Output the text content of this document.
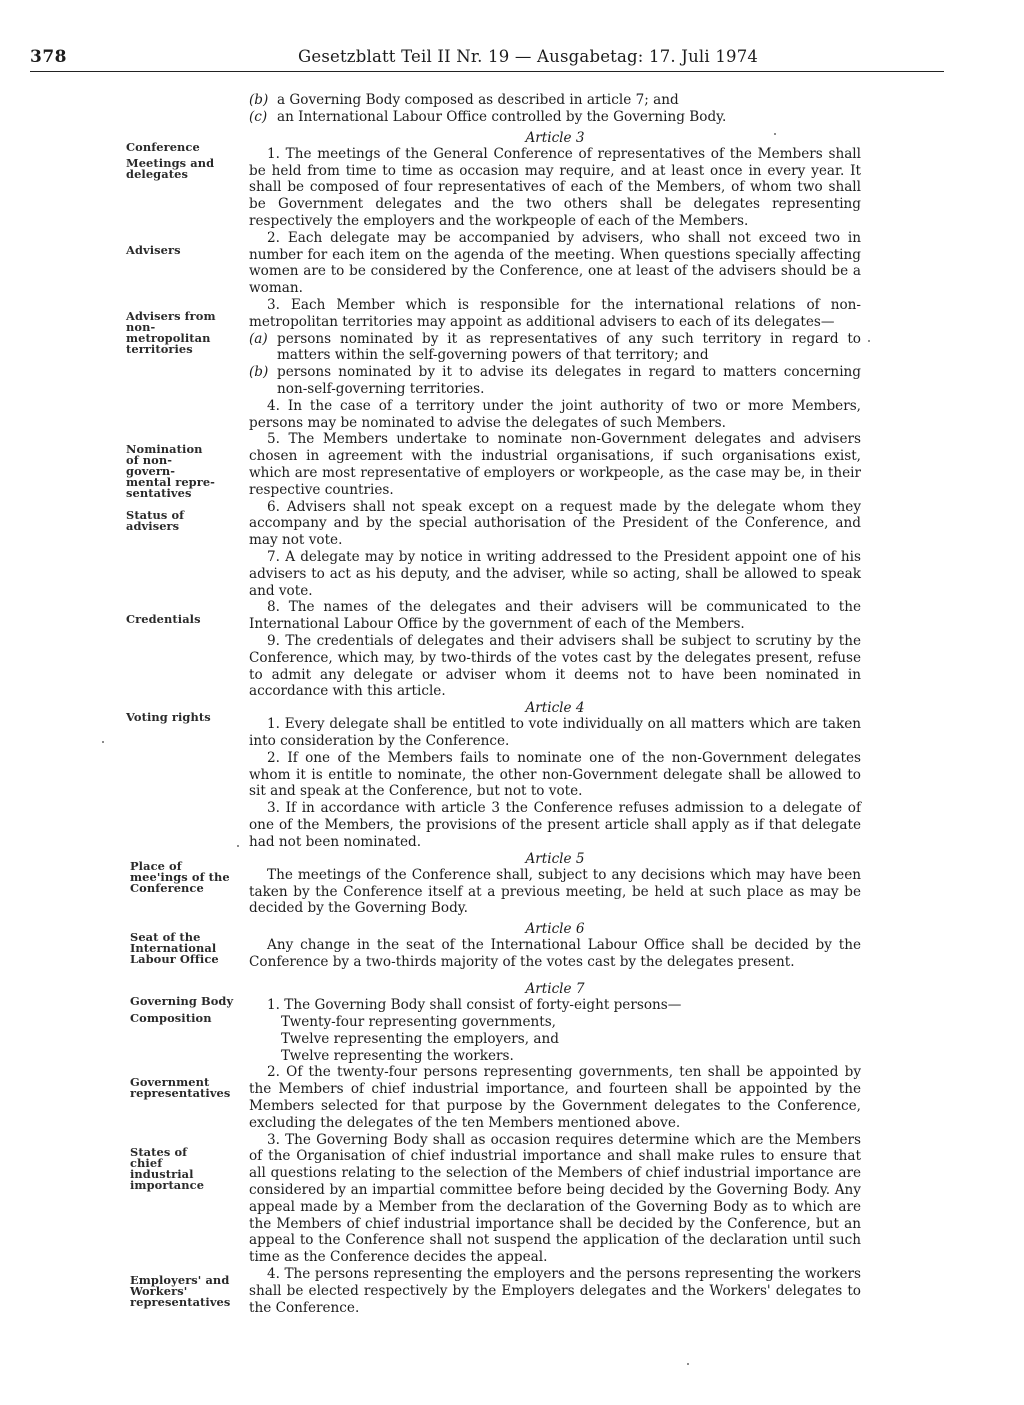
378	Gesetzblatt Teil II Nr. 19 — Ausgabetag: 17. Juli 1974
Conference
Meetings and delegates
Advisers
Advisers from non-metropolitan territories
Nomination of non-govern-mental repre-sentatives
Status of advisers
Credentials
Voting rights
Place of mee'ings of the Conference
Seat of the International Labour Office
Governing Body
Composition
Government representatives
States of chief industrial importance
Employers' and Workers' representatives
(b) a Governing Body composed as described in article 7; and
(c) an International Labour Office controlled by the Governing Body.

Article 3

1. The meetings of the General Conference of representatives of the Members shall be held from time to time as occasion may require, and at least once in every year. It shall be composed of four representatives of each of the Members, of whom two shall be Government delegates and the two others shall be delegates representing respectively the employers and the workpeople of each of the Members.

2. Each delegate may be accompanied by advisers, who shall not exceed two in number for each item on the agenda of the meeting. When questions specially affecting women are to be considered by the Conference, one at least of the advisers should be a woman.

3. Each Member which is responsible for the international relations of non-metropolitan territories may appoint as additional advisers to each of its delegates—

(a) persons nominated by it as representatives of any such territory in regard to matters within the self-governing powers of that territory; and
(b) persons nominated by it to advise its delegates in regard to matters concerning non-self-governing territories.

4. In the case of a territory under the joint authority of two or more Members, persons may be nominated to advise the delegates of such Members.

5. The Members undertake to nominate non-Government delegates and advisers chosen in agreement with the industrial organisations, if such organisations exist, which are most representative of employers or workpeople, as the case may be, in their respective countries.

6. Advisers shall not speak except on a request made by the delegate whom they accompany and by the special authorisation of the President of the Conference, and may not vote.

7. A delegate may by notice in writing addressed to the President appoint one of his advisers to act as his deputy, and the adviser, while so acting, shall be allowed to speak and vote.

8. The names of the delegates and their advisers will be communicated to the International Labour Office by the government of each of the Members.

9. The credentials of delegates and their advisers shall be subject to scrutiny by the Conference, which may, by two-thirds of the votes cast by the delegates present, refuse to admit any delegate or adviser whom it deems not to have been nominated in accordance with this article.

Article 4

1. Every delegate shall be entitled to vote individually on all matters which are taken into consideration by the Conference.

2. If one of the Members fails to nominate one of the non-Government delegates whom it is entitle to nominate, the other non-Government delegate shall be allowed to sit and speak at the Conference, but not to vote.

3. If in accordance with article 3 the Conference refuses admission to a delegate of one of the Members, the provisions of the present article shall apply as if that delegate had not been nominated.

Article 5

The meetings of the Conference shall, subject to any decisions which may have been taken by the Conference itself at a previous meeting, be held at such place as may be decided by the Governing Body.

Article 6

Any change in the seat of the International Labour Office shall be decided by the Conference by a two-thirds majority of the votes cast by the delegates present.

Article 7

1. The Governing Body shall consist of forty-eight persons—

Twenty-four representing governments,

Twelve representing the employers, and

Twelve representing the workers.

2. Of the twenty-four persons representing governments, ten shall be appointed by the Members of chief industrial importance, and fourteen shall be appointed by the Members selected for that purpose by the Government delegates to the Conference, excluding the delegates of the ten Members mentioned above.

3. The Governing Body shall as occasion requires determine which are the Members of the Organisation of chief industrial importance and shall make rules to ensure that all questions relating to the selection of the Members of chief industrial importance are considered by an impartial committee before being decided by the Governing Body. Any appeal made by a Member from the declaration of the Governing Body as to which are the Members of chief industrial importance shall be decided by the Conference, but an appeal to the Conference shall not suspend the application of the declaration until such time as the Conference decides the appeal.

4. The persons representing the employers and the persons representing the workers shall be elected respectively by the Employers delegates and the Workers' delegates to the Conference.
